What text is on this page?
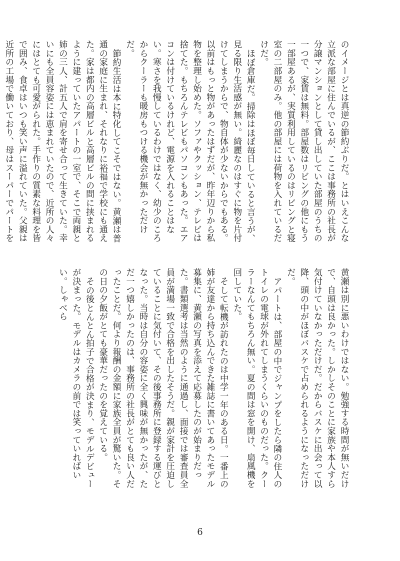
のイメージとは真逆の節約ぶりだ。とはいえこんな立派な部屋に住んでいるが、ここは事務所の社長が分譲マンションとして貸し出していた部屋のうちの一つで、家賃は無料。部屋数はリビングの他にもう一部屋あるが、実質利用しているのはリビングと寝室の二部屋のみ。他の部屋には荷物を入れているだけだ。

ほぼ倉庫だ。掃除はほぼ毎日していると言うが、見る限り生活感が無い。綺麗なのはすぐに物を片付けてしまうからで、物自体が少ないからでもある。以前はもっと物があったはずだが、昨年辺りから私物を整理し始めた。ソファやクッション、テレビは捨てた。もちろんテレビもパソコンもあった。エアコンは付けているけれど、電源を入れることはない。寒さを我慢しているわけではなく、幼少のころからクーラーも暖房もつける機会が無かっただけだ。

節約生活は本に特化してこそではない。黄瀬は普通の家庭に生まれ、それなりに裕福で学校にも通えた。家は都内の高層ビルと高層ビルの間に挟まれるように建っていたアパートの一室で、そこで両親と姉の三人、計五人で肩を寄せ合って生きていた。幸いにも全員容姿には恵まれていたので、近所の人々にはとても可愛がられた。手作りの質素な料理を皆で囲み、食卓はいつも笑い声に溢れていた。父親は近所の工場で働いており、母はスーパーでパートを

黄瀬は別に悪いわけではない。勉強する時間が無いだけで、自頭は良かった。しかしそのことに家族や本人すら気付けていなかっただけだ。だからバスケに出会って以降、頭の中がほぼバスケで占められるようになっただけだ。

アパートは、部屋の中でジャンプをしたら隣の住人のトイレの電球が外れてしまうくらいのものだった。クーラーなんてもちろん無い。夏の間は窓を開け、扇風機を回していた。

そして転機が訪れたのは中学一年のある日。一番上の姉が友達から持ち込んできた雑誌に書いてあったモデル募集に、黄瀬の写真を添えて応募したのが始まりだった。書類選考は当然のように通過し、面接では審査員全員が満場一致で合格を出したそうだ。親が家計を圧迫していることに気付いて、その後事務所に登録する運びとなった。当時は自分の容姿に全く興味が無かったが、ただ一つ嬉しかったのは、事務所の社長がとても良い人だったことだ。何より報酬の金額に家族全員が驚いた。その日の夕飯がとても豪華だったのを覚えている。

その後とんとん拍子で合格が決まり、モデルデビューが決まった。モデルはカメラの前では笑っていればいい。しゃべら

6
